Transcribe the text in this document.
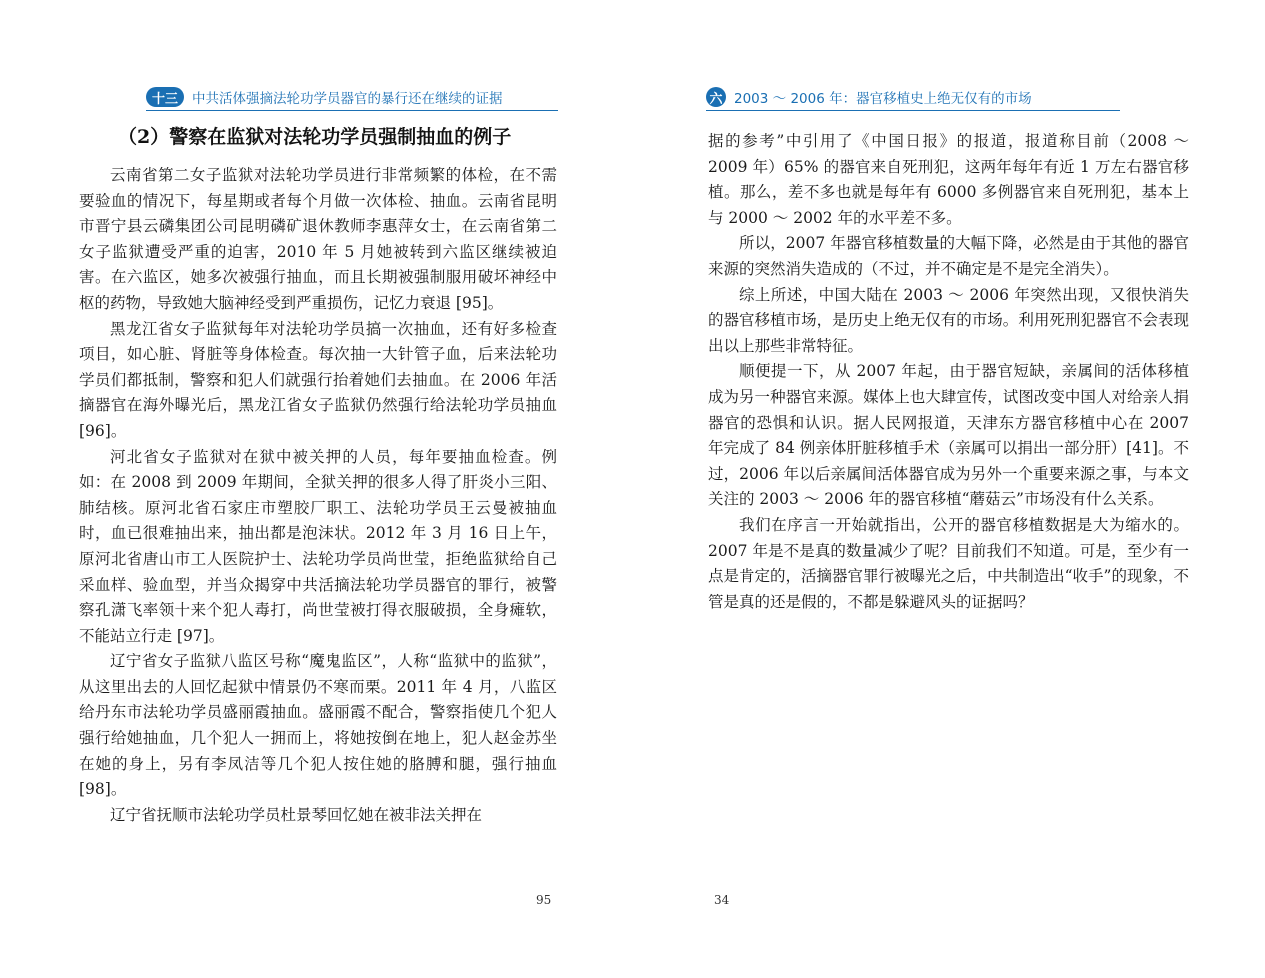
十三	中共活体强摘法轮功学员器官的暴行还在继续的证据
（2）警察在监狱对法轮功学员强制抽血的例子

云南省第二女子监狱对法轮功学员进行非常频繁的体检，在不需要验血的情况下，每星期或者每个月做一次体检、抽血。云南省昆明市晋宁县云磷集团公司昆明磷矿退休教师李惠萍女士，在云南省第二女子监狱遭受严重的迫害，2010 年 5 月她被转到六监区继续被迫害。在六监区，她多次被强行抽血，而且长期被强制服用破坏神经中枢的药物，导致她大脑神经受到严重损伤，记忆力衰退 [95]。

黑龙江省女子监狱每年对法轮功学员搞一次抽血，还有好多检查项目，如心脏、肾脏等身体检查。每次抽一大针管子血，后来法轮功学员们都抵制，警察和犯人们就强行抬着她们去抽血。在 2006 年活摘器官在海外曝光后，黑龙江省女子监狱仍然强行给法轮功学员抽血 [96]。

河北省女子监狱对在狱中被关押的人员，每年要抽血检查。例如：在 2008 到 2009 年期间，全狱关押的很多人得了肝炎小三阳、肺结核。原河北省石家庄市塑胶厂职工、法轮功学员王云曼被抽血时，血已很难抽出来，抽出都是泡沫状。2012 年 3 月 16 日上午，原河北省唐山市工人医院护士、法轮功学员尚世莹，拒绝监狱给自己采血样、验血型，并当众揭穿中共活摘法轮功学员器官的罪行，被警察孔潇飞率领十来个犯人毒打，尚世莹被打得衣服破损，全身瘫软，不能站立行走 [97]。

辽宁省女子监狱八监区号称“魔鬼监区”，人称“监狱中的监狱”，从这里出去的人回忆起狱中情景仍不寒而栗。2011 年 4 月，八监区给丹东市法轮功学员盛丽霞抽血。盛丽霞不配合，警察指使几个犯人强行给她抽血，几个犯人一拥而上，将她按倒在地上，犯人赵金苏坐在她的身上，另有李凤洁等几个犯人按住她的胳膊和腿，强行抽血 [98]。

辽宁省抚顺市法轮功学员杜景琴回忆她在被非法关押在

95
六 2003 ～ 2006 年：器官移植史上绝无仅有的市场

据的参考”中引用了《中国日报》的报道，报道称目前（2008 ～ 2009 年）65% 的器官来自死刑犯，这两年每年有近 1 万左右器官移植。那么，差不多也就是每年有 6000 多例器官来自死刑犯，基本上与 2000 ～ 2002 年的水平差不多。

所以，2007 年器官移植数量的大幅下降，必然是由于其他的器官来源的突然消失造成的（不过，并不确定是不是完全消失）。

综上所述，中国大陆在 2003 ～ 2006 年突然出现，又很快消失的器官移植市场，是历史上绝无仅有的市场。利用死刑犯器官不会表现出以上那些非常特征。

顺便提一下，从 2007 年起，由于器官短缺，亲属间的活体移植成为另一种器官来源。媒体上也大肆宣传，试图改变中国人对给亲人捐器官的恐惧和认识。据人民网报道，天津东方器官移植中心在 2007 年完成了 84 例亲体肝脏移植手术（亲属可以捐出一部分肝）[41]。不过，2006 年以后亲属间活体器官成为另外一个重要来源之事，与本文关注的 2003 ～ 2006 年的器官移植“蘑菇云”市场没有什么关系。

我们在序言一开始就指出，公开的器官移植数据是大为缩水的。2007 年是不是真的数量减少了呢？目前我们不知道。可是，至少有一点是肯定的，活摘器官罪行被曝光之后，中共制造出“收手”的现象，不管是真的还是假的，不都是躲避风头的证据吗？

34
